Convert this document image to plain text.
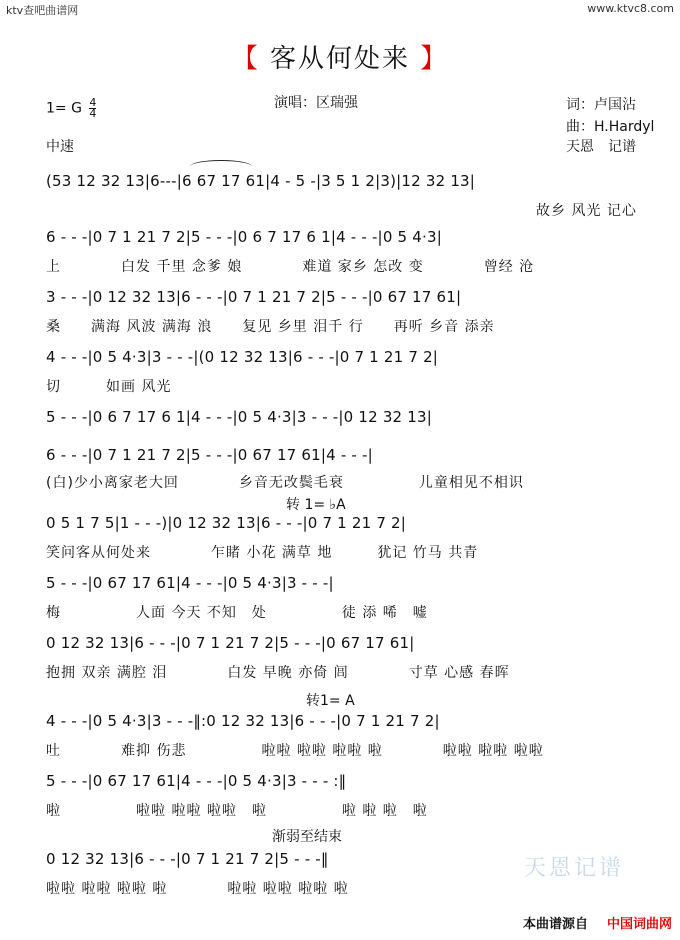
ktv查吧曲谱网	www.ktvc8.com
【 客从何处来 】
1= G $\frac{4}{4}$	演唱：区瑞强	词：卢国沾
曲：H.Hardyl
中速	天恩　记谱
(53 12 32 13|6---|6 67 17 61|4 - 5 -|3 5 1 2|3)|12 32 13|
故乡 风光 记心
6 - - -|0 7 1 21 7 2|5 - - -|0 6 7 17 6 1|4 - - -|0 5 4·3|
上　　　　白发 千里 念爹 娘　　　　难道 家乡 怎改 变　　　　曾经 沧
3 - - -|0 12 32 13|6 - - -|0 7 1 21 7 2|5 - - -|0 67 17 61|
桑　　满海 风波 满海 浪　　复见 乡里 泪千 行　　再听 乡音 添亲
4 - - -|0 5 4·3|3 - - -|(0 12 32 13|6 - - -|0 7 1 21 7 2|
切　　　如画 风光
5 - - -|0 6 7 17 6 1|4 - - -|0 5 4·3|3 - - -|0 12 32 13|
6 - - -|0 7 1 21 7 2|5 - - -|0 67 17 61|4 - - -|
(白)少小离家老大回　　　　乡音无改鬓毛衰　　　　　儿童相见不相识
转 1= ♭A
0 5 1 7 5|1 - - -)|0 12 32 13|6 - - -|0 7 1 21 7 2|
笑问客从何处来　　　　乍睹 小花 满草 地　　　犹记 竹马 共青
5 - - -|0 67 17 61|4 - - -|0 5 4·3|3 - - -|
梅　　　　　人面 今天 不知　处　　　　　徒 添 唏　嘘
0 12 32 13|6 - - -|0 7 1 21 7 2|5 - - -|0 67 17 61|
抱拥 双亲 满腔 泪　　　　白发 早晚 亦倚 闾　　　　寸草 心感 春晖
转1= A
4 - - -|0 5 4·3|3 - - -‖:0 12 32 13|6 - - -|0 7 1 21 7 2|
吐　　　　难抑 伤悲　　　　　啦啦 啦啦 啦啦 啦　　　　啦啦 啦啦 啦啦
5 - - -|0 67 17 61|4 - - -|0 5 4·3|3 - - - :‖
啦　　　　　啦啦 啦啦 啦啦　啦　　　　　啦 啦 啦　啦
渐弱至结束
0 12 32 13|6 - - -|0 7 1 21 7 2|5 - - -‖
啦啦 啦啦 啦啦 啦　　　　啦啦 啦啦 啦啦 啦
天恩记谱
本曲谱源自 中国词曲网
